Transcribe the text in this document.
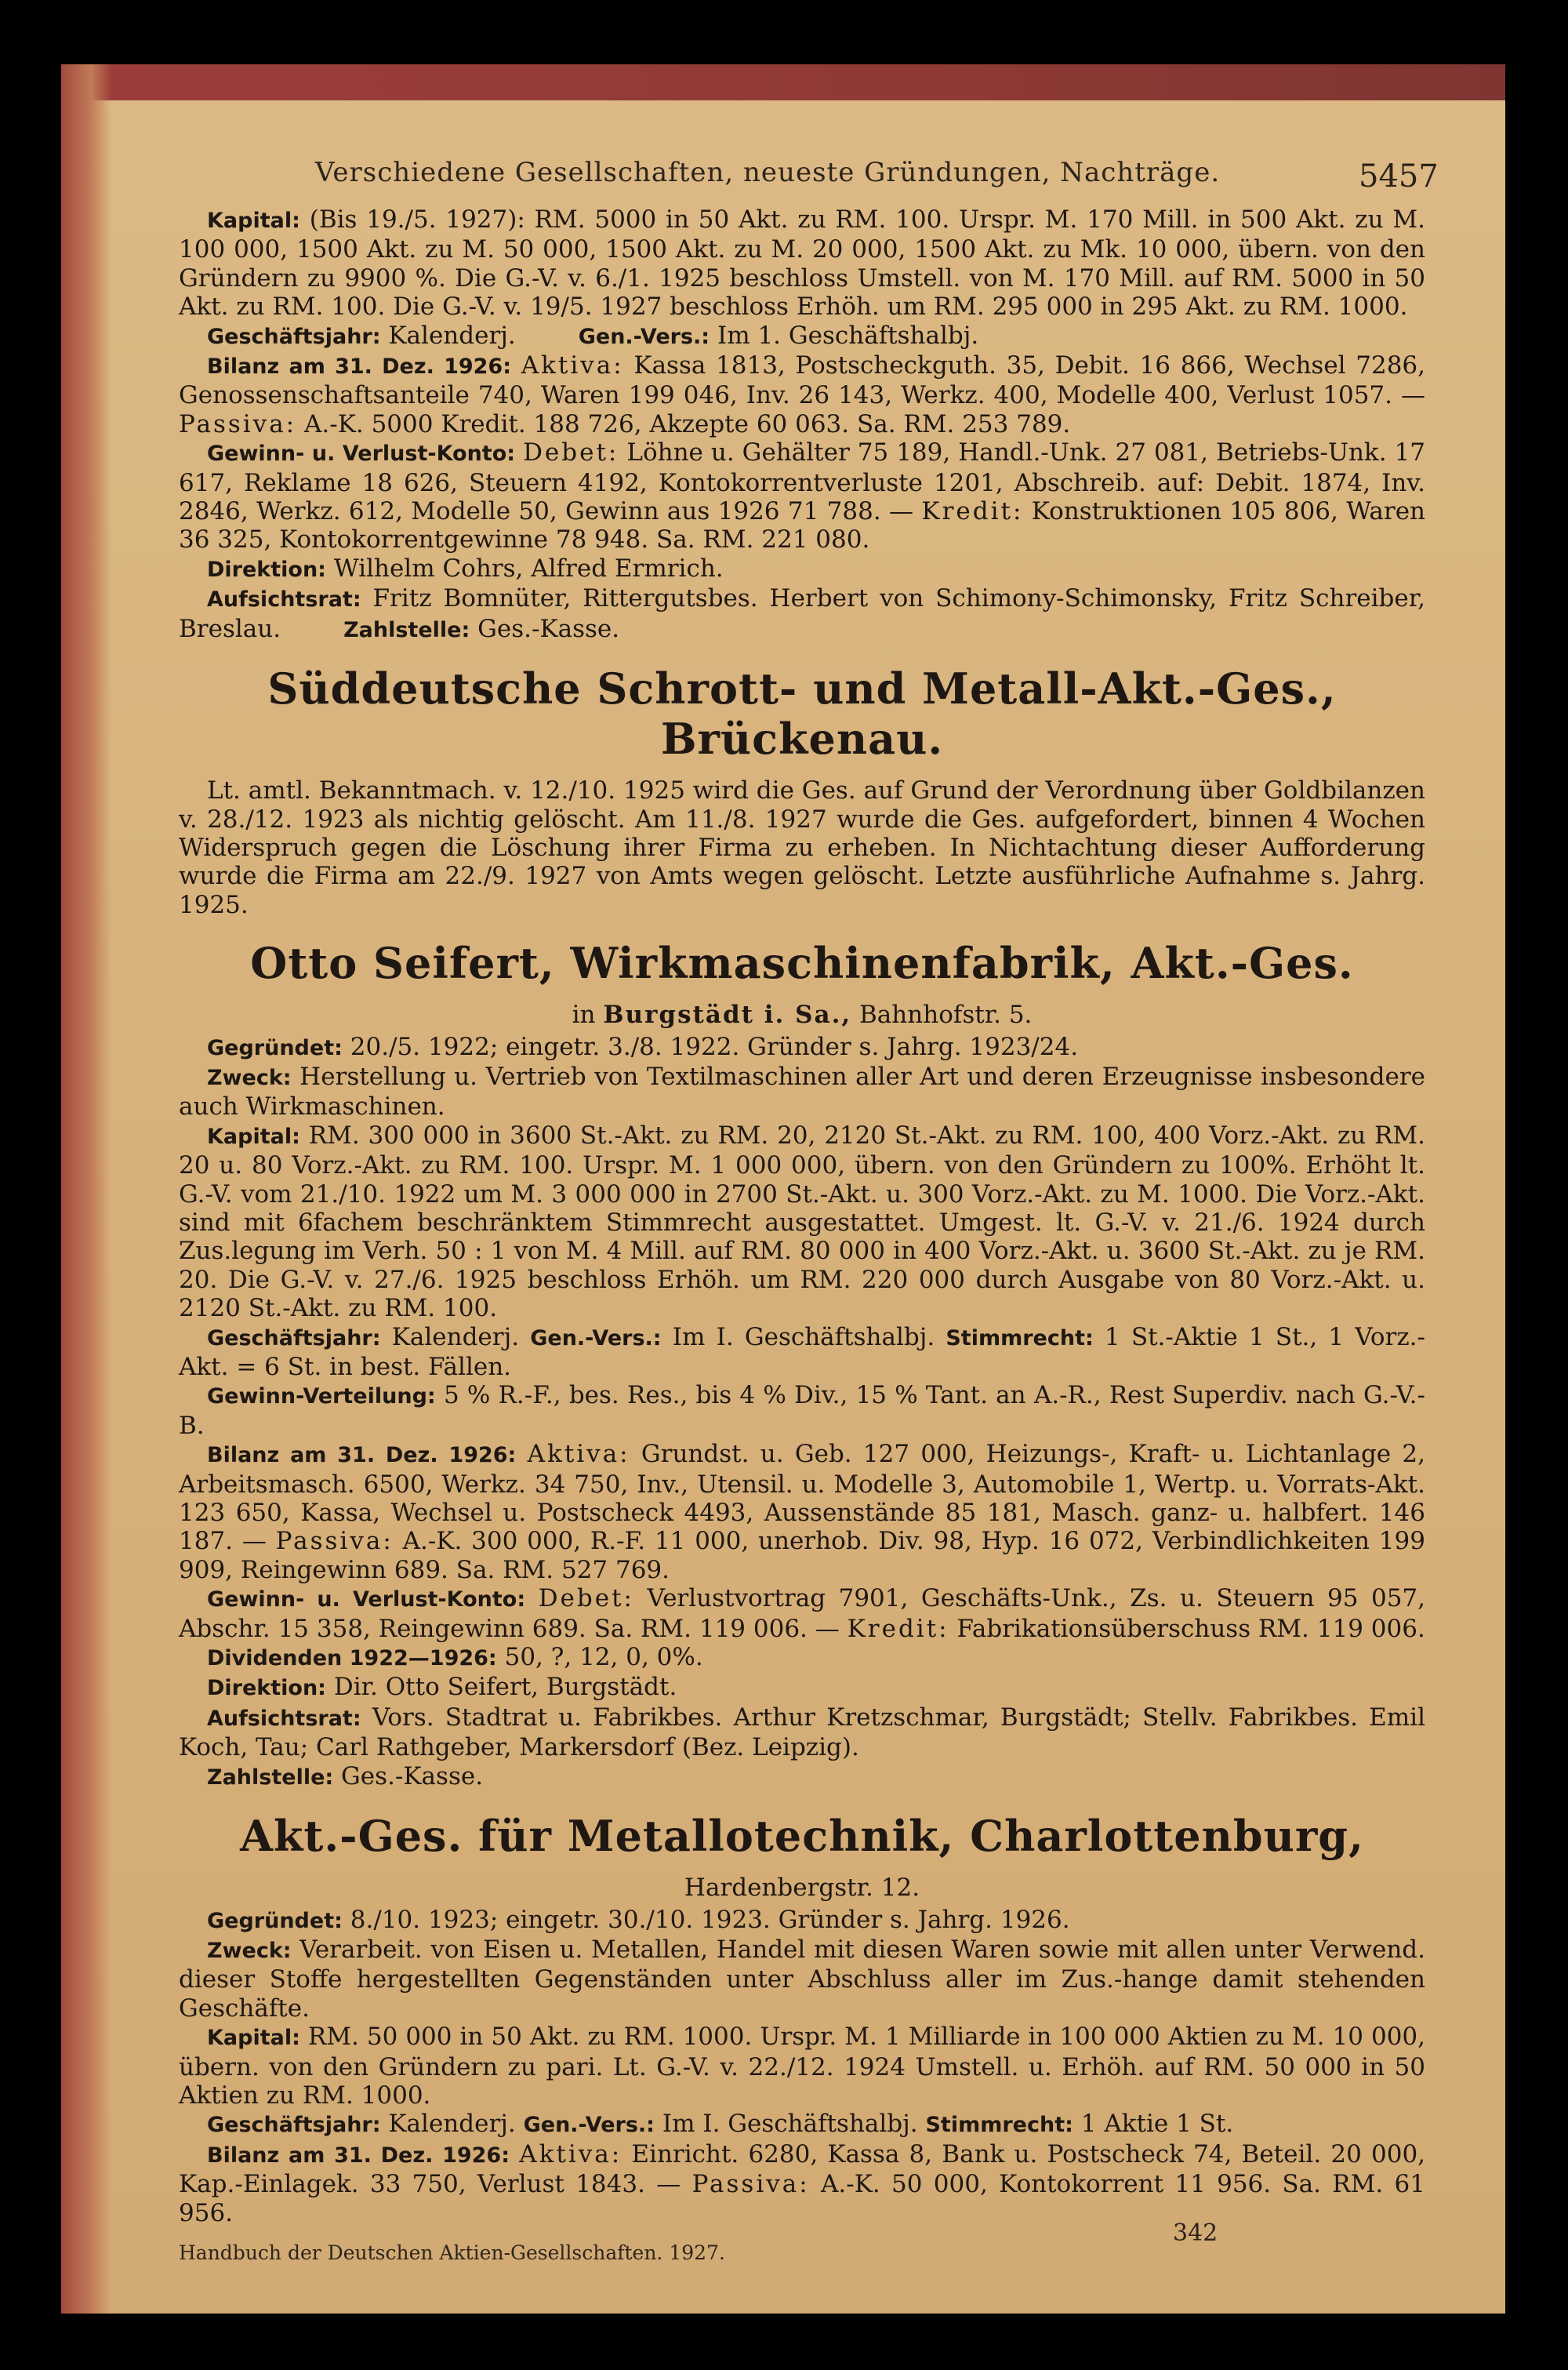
Verschiedene Gesellschaften, neueste Gründungen, Nachträge.	5457

Kapital: (Bis 19./5. 1927): RM. 5000 in 50 Akt. zu RM. 100. Urspr. M. 170 Mill. in 500 Akt. zu M. 100 000, 1500 Akt. zu M. 50 000, 1500 Akt. zu M. 20 000, 1500 Akt. zu Mk. 10 000, übern. von den Gründern zu 9900 %. Die G.-V. v. 6./1. 1925 beschloss Umstell. von M. 170 Mill. auf RM. 5000 in 50 Akt. zu RM. 100. Die G.-V. v. 19/5. 1927 beschloss Erhöh. um RM. 295 000 in 295 Akt. zu RM. 1000.

Geschäftsjahr: Kalenderj.	Gen.-Vers.: Im 1. Geschäftshalbj.

Bilanz am 31. Dez. 1926: Aktiva: Kassa 1813, Postscheckguth. 35, Debit. 16 866, Wechsel 7286, Genossenschaftsanteile 740, Waren 199 046, Inv. 26 143, Werkz. 400, Modelle 400, Verlust 1057. — Passiva: A.-K. 5000 Kredit. 188 726, Akzepte 60 063. Sa. RM. 253 789.

Gewinn- u. Verlust-Konto: Debet: Löhne u. Gehälter 75 189, Handl.-Unk. 27 081, Betriebs-Unk. 17 617, Reklame 18 626, Steuern 4192, Kontokorrentverluste 1201, Abschreib. auf: Debit. 1874, Inv. 2846, Werkz. 612, Modelle 50, Gewinn aus 1926 71 788. — Kredit: Konstruktionen 105 806, Waren 36 325, Kontokorrentgewinne 78 948. Sa. RM. 221 080.

Direktion: Wilhelm Cohrs, Alfred Ermrich.

Aufsichtsrat: Fritz Bomnüter, Rittergutsbes. Herbert von Schimony-Schimonsky, Fritz Schreiber, Breslau.	Zahlstelle: Ges.-Kasse.

Süddeutsche Schrott- und Metall-Akt.-Ges., Brückenau.

Lt. amtl. Bekanntmach. v. 12./10. 1925 wird die Ges. auf Grund der Verordnung über Goldbilanzen v. 28./12. 1923 als nichtig gelöscht. Am 11./8. 1927 wurde die Ges. aufgefordert, binnen 4 Wochen Widerspruch gegen die Löschung ihrer Firma zu erheben. In Nichtachtung dieser Aufforderung wurde die Firma am 22./9. 1927 von Amts wegen gelöscht. Letzte ausführliche Aufnahme s. Jahrg. 1925.

Otto Seifert, Wirkmaschinenfabrik, Akt.-Ges.

in Burgstädt i. Sa., Bahnhofstr. 5.

Gegründet: 20./5. 1922; eingetr. 3./8. 1922. Gründer s. Jahrg. 1923/24.

Zweck: Herstellung u. Vertrieb von Textilmaschinen aller Art und deren Erzeugnisse insbesondere auch Wirkmaschinen.

Kapital: RM. 300 000 in 3600 St.-Akt. zu RM. 20, 2120 St.-Akt. zu RM. 100, 400 Vorz.-Akt. zu RM. 20 u. 80 Vorz.-Akt. zu RM. 100. Urspr. M. 1 000 000, übern. von den Gründern zu 100%. Erhöht lt. G.-V. vom 21./10. 1922 um M. 3 000 000 in 2700 St.-Akt. u. 300 Vorz.-Akt. zu M. 1000. Die Vorz.-Akt. sind mit 6fachem beschränktem Stimmrecht ausgestattet. Umgest. lt. G.-V. v. 21./6. 1924 durch Zus.legung im Verh. 50 : 1 von M. 4 Mill. auf RM. 80 000 in 400 Vorz.-Akt. u. 3600 St.-Akt. zu je RM. 20. Die G.-V. v. 27./6. 1925 beschloss Erhöh. um RM. 220 000 durch Ausgabe von 80 Vorz.-Akt. u. 2120 St.-Akt. zu RM. 100.

Geschäftsjahr: Kalenderj. Gen.-Vers.: Im I. Geschäftshalbj. Stimmrecht: 1 St.-Aktie 1 St., 1 Vorz.-Akt. = 6 St. in best. Fällen.

Gewinn-Verteilung: 5 % R.-F., bes. Res., bis 4 % Div., 15 % Tant. an A.-R., Rest Superdiv. nach G.-V.-B.

Bilanz am 31. Dez. 1926: Aktiva: Grundst. u. Geb. 127 000, Heizungs-, Kraft- u. Lichtanlage 2, Arbeitsmasch. 6500, Werkz. 34 750, Inv., Utensil. u. Modelle 3, Automobile 1, Wertp. u. Vorrats-Akt. 123 650, Kassa, Wechsel u. Postscheck 4493, Aussenstände 85 181, Masch. ganz- u. halbfert. 146 187. — Passiva: A.-K. 300 000, R.-F. 11 000, unerhob. Div. 98, Hyp. 16 072, Verbindlichkeiten 199 909, Reingewinn 689. Sa. RM. 527 769.

Gewinn- u. Verlust-Konto: Debet: Verlustvortrag 7901, Geschäfts-Unk., Zs. u. Steuern 95 057, Abschr. 15 358, Reingewinn 689. Sa. RM. 119 006. — Kredit: Fabrikationsüberschuss RM. 119 006.

Dividenden 1922—1926: 50, ?, 12, 0, 0%.

Direktion: Dir. Otto Seifert, Burgstädt.

Aufsichtsrat: Vors. Stadtrat u. Fabrikbes. Arthur Kretzschmar, Burgstädt; Stellv. Fabrikbes. Emil Koch, Tau; Carl Rathgeber, Markersdorf (Bez. Leipzig).

Zahlstelle: Ges.-Kasse.

Akt.-Ges. für Metallotechnik, Charlottenburg,

Hardenbergstr. 12.

Gegründet: 8./10. 1923; eingetr. 30./10. 1923. Gründer s. Jahrg. 1926.

Zweck: Verarbeit. von Eisen u. Metallen, Handel mit diesen Waren sowie mit allen unter Verwend. dieser Stoffe hergestellten Gegenständen unter Abschluss aller im Zus.-hange damit stehenden Geschäfte.

Kapital: RM. 50 000 in 50 Akt. zu RM. 1000. Urspr. M. 1 Milliarde in 100 000 Aktien zu M. 10 000, übern. von den Gründern zu pari. Lt. G.-V. v. 22./12. 1924 Umstell. u. Erhöh. auf RM. 50 000 in 50 Aktien zu RM. 1000.

Geschäftsjahr: Kalenderj. Gen.-Vers.: Im I. Geschäftshalbj. Stimmrecht: 1 Aktie 1 St.

Bilanz am 31. Dez. 1926: Aktiva: Einricht. 6280, Kassa 8, Bank u. Postscheck 74, Beteil. 20 000, Kap.-Einlagek. 33 750, Verlust 1843. — Passiva: A.-K. 50 000, Kontokorrent 11 956. Sa. RM. 61 956.

342
Handbuch der Deutschen Aktien-Gesellschaften. 1927.
